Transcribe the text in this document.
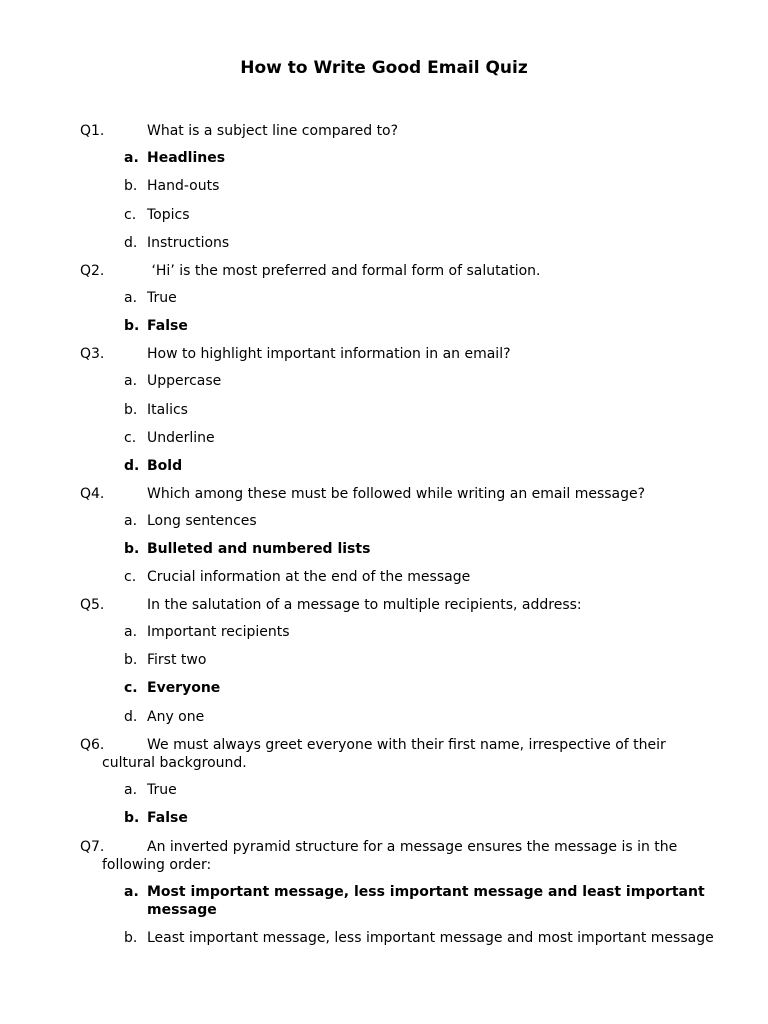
How to Write Good Email Quiz
Q1.	What is a subject line compared to?
a. Headlines
b. Hand-outs
c. Topics
d. Instructions
Q2.	‘Hi’ is the most preferred and formal form of salutation.
a. True
b. False
Q3.	How to highlight important information in an email?
a. Uppercase
b. Italics
c. Underline
d. Bold
Q4.	Which among these must be followed while writing an email message?
a. Long sentences
b. Bulleted and numbered lists
c. Crucial information at the end of the message
Q5.	In the salutation of a message to multiple recipients, address:
a. Important recipients
b. First two
c. Everyone
d. Any one
Q6.	We must always greet everyone with their first name, irrespective of their
cultural background.
a. True
b. False
Q7.	An inverted pyramid structure for a message ensures the message is in the
following order:
a. Most important message, less important message and least important
message
b. Least important message, less important message and most important message
